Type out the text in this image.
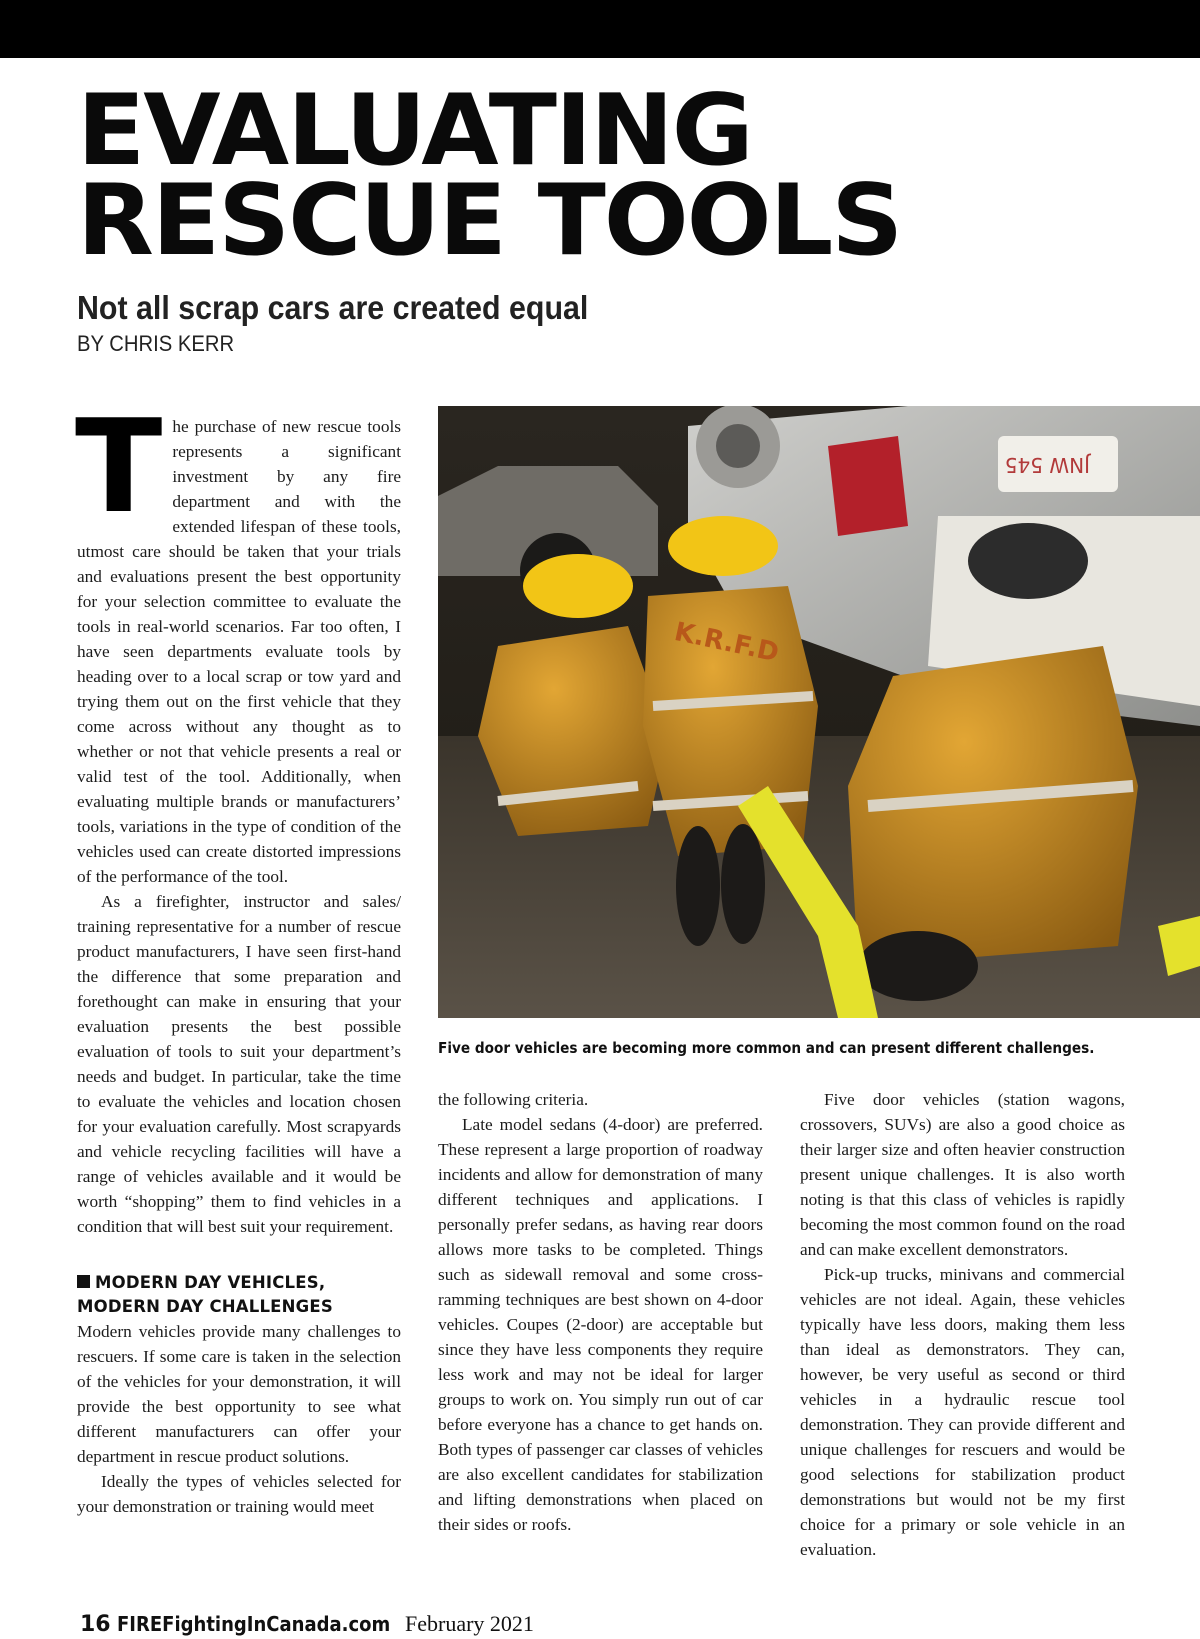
EVALUATING
RESCUE TOOLS
Not all scrap cars are created equal
BY CHRIS KERR

The purchase of new rescue tools represents a significant investment by any fire department and with the extended lifespan of these tools, utmost care should be taken that your trials and evaluations present the best opportunity for your selection committee to evaluate the tools in real-world scenarios. Far too often, I have seen departments evaluate tools by heading over to a local scrap or tow yard and trying them out on the first vehicle that they come across without any thought as to whether or not that vehicle presents a real or valid test of the tool. Additionally, when evaluating multiple brands or manufacturers’ tools, variations in the type of condition of the vehicles used can create distorted impressions of the performance of the tool.

As a firefighter, instructor and sales/ training representative for a number of rescue product manufacturers, I have seen first-hand the difference that some preparation and forethought can make in ensuring that your evaluation presents the best possible evaluation of tools to suit your department’s needs and budget. In particular, take the time to evaluate the vehicles and location chosen for your evaluation carefully. Most scrapyards and vehicle recycling facilities will have a range of vehicles available and it would be worth “shopping” them to find vehicles in a condition that will best suit your requirement.

MODERN DAY VEHICLES,
MODERN DAY CHALLENGES

Modern vehicles provide many challenges to rescuers. If some care is taken in the selection of the vehicles for your demonstration, it will provide the best opportunity to see what different manufacturers can offer your department in rescue product solutions.

Ideally the types of vehicles selected for your demonstration or training would meet

JNW 545
K.R.F.D
Five door vehicles are becoming more common and can present different challenges.

the following criteria.

Late model sedans (4-door) are preferred. These represent a large proportion of roadway incidents and allow for demonstration of many different techniques and applications. I personally prefer sedans, as having rear doors allows more tasks to be completed. Things such as sidewall removal and some cross-ramming techniques are best shown on 4-door vehicles. Coupes (2-door) are acceptable but since they have less components they require less work and may not be ideal for larger groups to work on. You simply run out of car before everyone has a chance to get hands on. Both types of passenger car classes of vehicles are also excellent candidates for stabilization and lifting demonstrations when placed on their sides or roofs.

Five door vehicles (station wagons, crossovers, SUVs) are also a good choice as their larger size and often heavier construction present unique challenges. It is also worth noting is that this class of vehicles is rapidly becoming the most common found on the road and can make excellent demonstrators.

Pick-up trucks, minivans and commercial vehicles are not ideal. Again, these vehicles typically have less doors, making them less than ideal as demonstrators. They can, however, be very useful as second or third vehicles in a hydraulic rescue tool demonstration. They can provide different and unique challenges for rescuers and would be good selections for stabilization product demonstrations but would not be my first choice for a primary or sole vehicle in an evaluation.

16 FIREFightingInCanada.com February 2021
